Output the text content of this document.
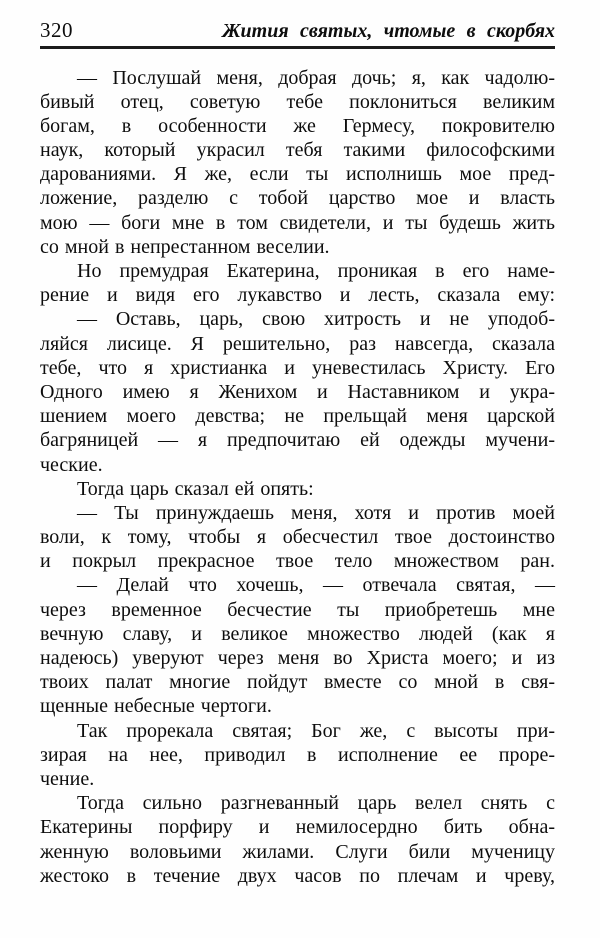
320	Жития святых, чтомые в скорбях
— Послушай меня, добрая дочь; я, как чадолю-
бивый отец, советую тебе поклониться великим
богам, в особенности же Гермесу, покровителю
наук, который украсил тебя такими философскими
дарованиями. Я же, если ты исполнишь мое пред-
ложение, разделю с тобой царство мое и власть
мою — боги мне в том свидетели, и ты будешь жить
со мной в непрестанном веселии.
Но премудрая Екатерина, проникая в его наме-
рение и видя его лукавство и лесть, сказала ему:
— Оставь, царь, свою хитрость и не уподоб-
ляйся лисице. Я решительно, раз навсегда, сказала
тебе, что я христианка и уневестилась Христу. Его
Одного имею я Женихом и Наставником и укра-
шением моего девства; не прельщай меня царской
багряницей — я предпочитаю ей одежды мучени-
ческие.
Тогда царь сказал ей опять:
— Ты принуждаешь меня, хотя и против моей
воли, к тому, чтобы я обесчестил твое достоинство
и покрыл прекрасное твое тело множеством ран.
— Делай что хочешь, — отвечала святая, —
через временное бесчестие ты приобретешь мне
вечную славу, и великое множество людей (как я
надеюсь) уверуют через меня во Христа моего; и из
твоих палат многие пойдут вместе со мной в свя-
щенные небесные чертоги.
Так прорекала святая; Бог же, с высоты при-
зирая на нее, приводил в исполнение ее проре-
чение.
Тогда сильно разгневанный царь велел снять с
Екатерины порфиру и немилосердно бить обна-
женную воловьими жилами. Слуги били мученицу
жестоко в течение двух часов по плечам и чреву,
